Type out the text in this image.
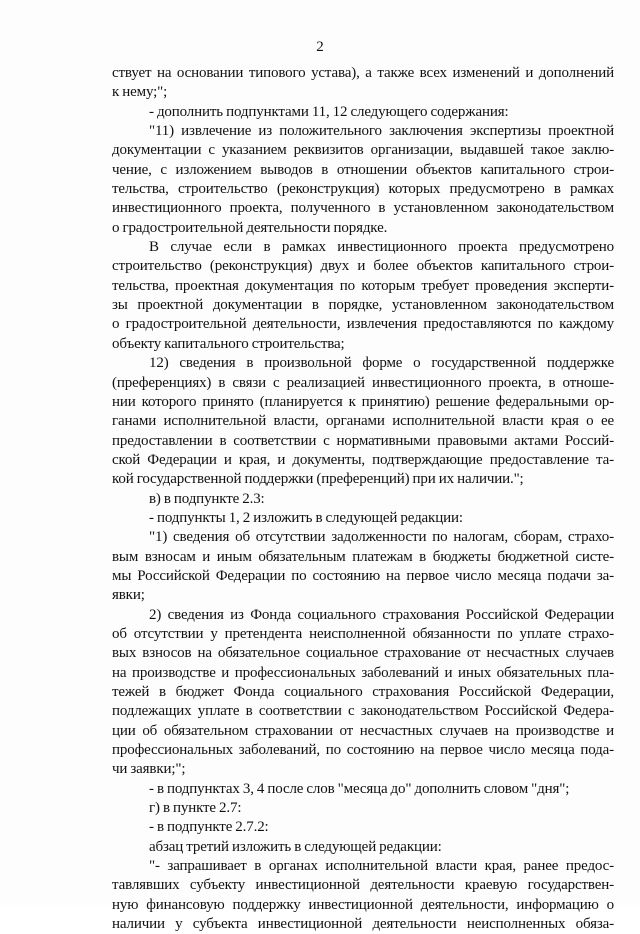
2
ствует на основании типового устава), а также всех изменений и дополнений
к нему;";
- дополнить подпунктами 11, 12 следующего содержания:
"11) извлечение из положительного заключения экспертизы проектной
документации с указанием реквизитов организации, выдавшей такое заклю-
чение, с изложением выводов в отношении объектов капитального строи-
тельства, строительство (реконструкция) которых предусмотрено в рамках
инвестиционного проекта, полученного в установленном законодательством
о градостроительной деятельности порядке.
В случае если в рамках инвестиционного проекта предусмотрено
строительство (реконструкция) двух и более объектов капитального строи-
тельства, проектная документация по которым требует проведения эксперти-
зы проектной документации в порядке, установленном законодательством
о градостроительной деятельности, извлечения предоставляются по каждому
объекту капитального строительства;
12) сведения в произвольной форме о государственной поддержке
(преференциях) в связи с реализацией инвестиционного проекта, в отноше-
нии которого принято (планируется к принятию) решение федеральными ор-
ганами исполнительной власти, органами исполнительной власти края о ее
предоставлении в соответствии с нормативными правовыми актами Россий-
ской Федерации и края, и документы, подтверждающие предоставление та-
кой государственной поддержки (преференций) при их наличии.";
в) в подпункте 2.3:
- подпункты 1, 2 изложить в следующей редакции:
"1) сведения об отсутствии задолженности по налогам, сборам, страхо-
вым взносам и иным обязательным платежам в бюджеты бюджетной систе-
мы Российской Федерации по состоянию на первое число месяца подачи за-
явки;
2) сведения из Фонда социального страхования Российской Федерации
об отсутствии у претендента неисполненной обязанности по уплате страхо-
вых взносов на обязательное социальное страхование от несчастных случаев
на производстве и профессиональных заболеваний и иных обязательных пла-
тежей в бюджет Фонда социального страхования Российской Федерации,
подлежащих уплате в соответствии с законодательством Российской Федера-
ции об обязательном страховании от несчастных случаев на производстве и
профессиональных заболеваний, по состоянию на первое число месяца пода-
чи заявки;";
- в подпунктах 3, 4 после слов "месяца до" дополнить словом "дня";
г) в пункте 2.7:
- в подпункте 2.7.2:
абзац третий изложить в следующей редакции:
"- запрашивает в органах исполнительной власти края, ранее предос-
тавлявших субъекту инвестиционной деятельности краевую государствен-
ную финансовую поддержку инвестиционной деятельности, информацию о
наличии у субъекта инвестиционной деятельности неисполненных обяза-
